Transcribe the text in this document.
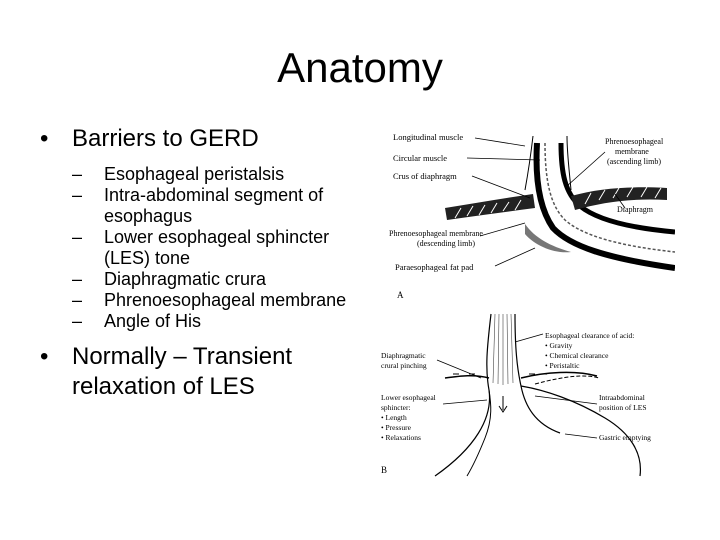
Anatomy
• Barriers to GERD
– Esophageal peristalsis
– Intra-abdominal segment of esophagus
– Lower esophageal sphincter (LES) tone
– Diaphragmatic crura
– Phrenoesophageal membrane
– Angle of His
• Normally – Transient relaxation of LES
Longitudinal muscle
Circular muscle
Crus of diaphragm
Phrenoesophageal
membrane
(ascending limb)
Diaphragm
Phrenoesophageal membrane
(descending limb)
Paraesophageal fat pad
A
Esophageal clearance of acid:
• Gravity
• Chemical clearance
• Peristaltic
Diaphragmatic
crural pinching
Lower esophageal
sphincter:
• Length
• Pressure
• Relaxations
Intraabdominal
position of LES
Gastric emptying
B
